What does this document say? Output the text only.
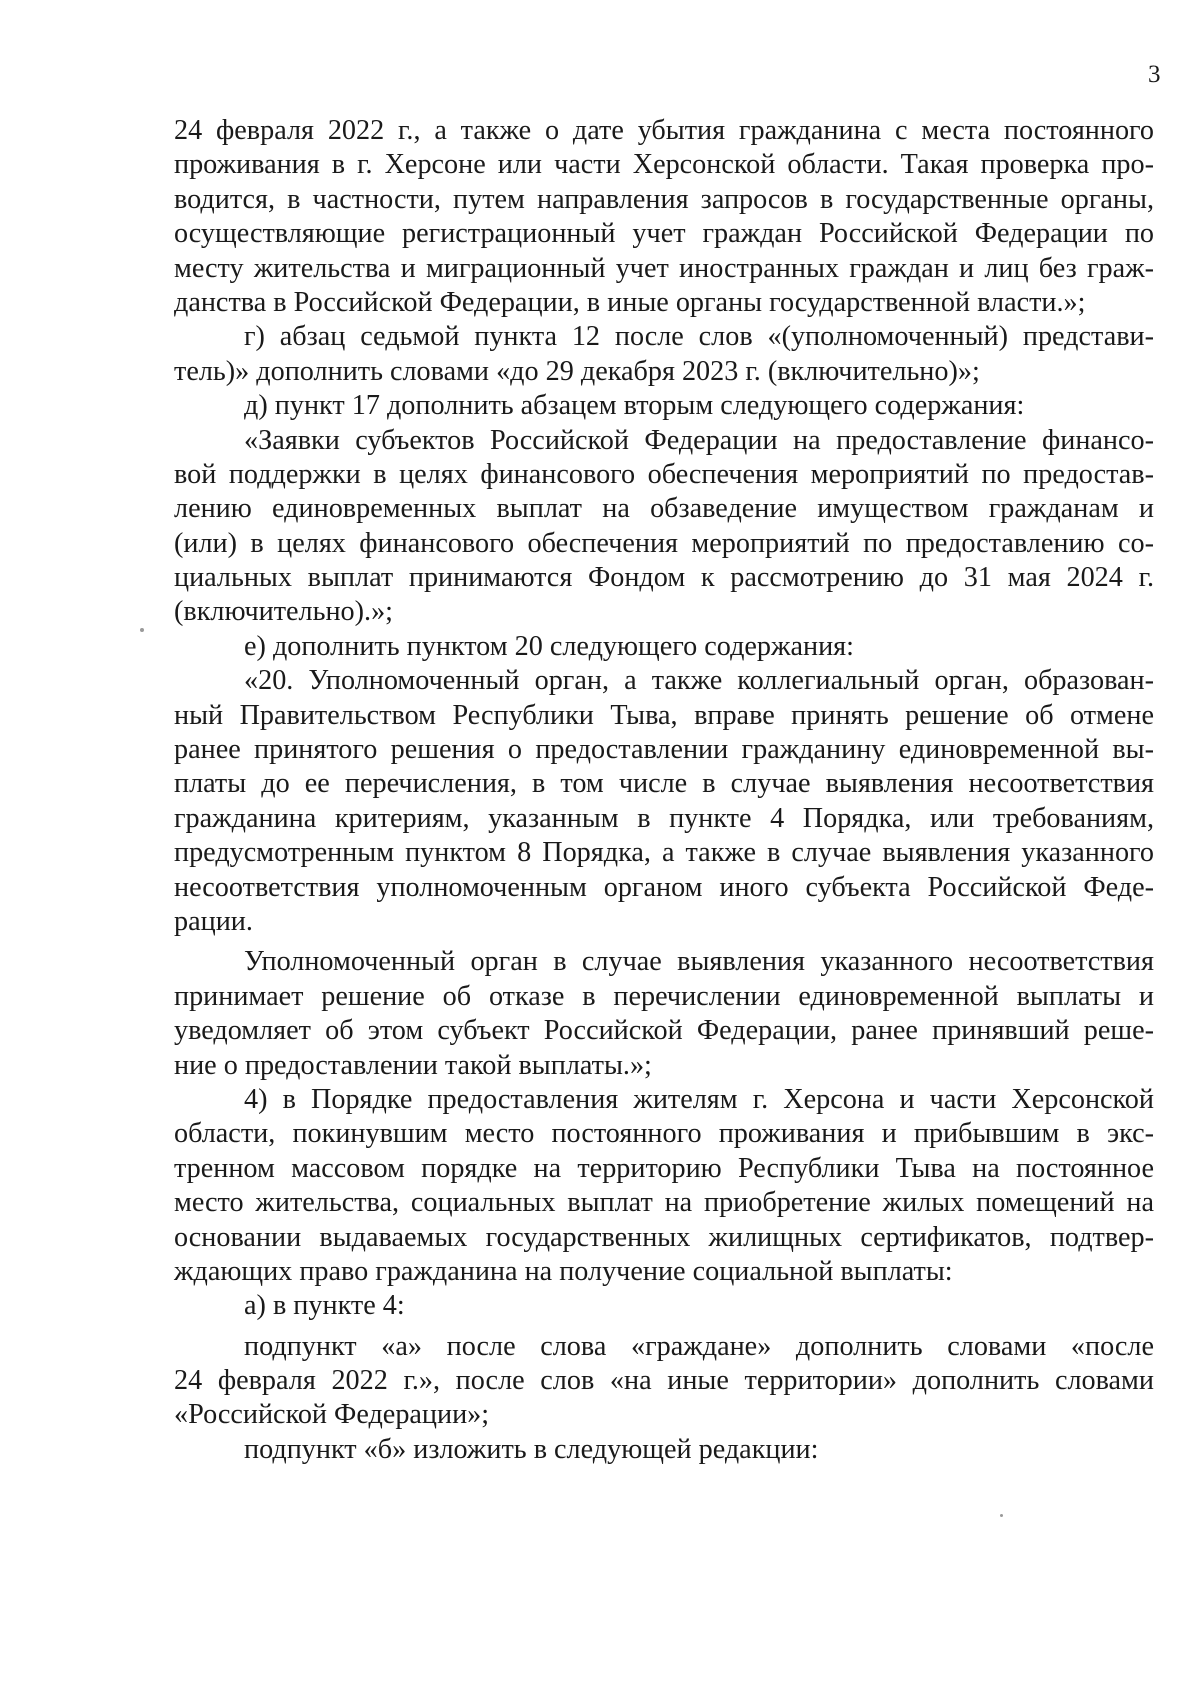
3
24 февраля 2022 г., а также о дате убытия гражданина с места постоянного
проживания в г. Херсоне или части Херсонской области. Такая проверка про-
водится, в частности, путем направления запросов в государственные органы,
осуществляющие регистрационный учет граждан Российской Федерации по
месту жительства и миграционный учет иностранных граждан и лиц без граж-
данства в Российской Федерации, в иные органы государственной власти.»;
г) абзац седьмой пункта 12 после слов «(уполномоченный) представи-
тель)» дополнить словами «до 29 декабря 2023 г. (включительно)»;
д) пункт 17 дополнить абзацем вторым следующего содержания:
«Заявки субъектов Российской Федерации на предоставление финансо-
вой поддержки в целях финансового обеспечения мероприятий по предостав-
лению единовременных выплат на обзаведение имуществом гражданам и
(или) в целях финансового обеспечения мероприятий по предоставлению со-
циальных выплат принимаются Фондом к рассмотрению до 31 мая 2024 г.
(включительно).»;
е) дополнить пунктом 20 следующего содержания:
«20. Уполномоченный орган, а также коллегиальный орган, образован-
ный Правительством Республики Тыва, вправе принять решение об отмене
ранее принятого решения о предоставлении гражданину единовременной вы-
платы до ее перечисления, в том числе в случае выявления несоответствия
гражданина критериям, указанным в пункте 4 Порядка, или требованиям,
предусмотренным пунктом 8 Порядка, а также в случае выявления указанного
несоответствия уполномоченным органом иного субъекта Российской Феде-
рации.
Уполномоченный орган в случае выявления указанного несоответствия
принимает решение об отказе в перечислении единовременной выплаты и
уведомляет об этом субъект Российской Федерации, ранее принявший реше-
ние о предоставлении такой выплаты.»;
4) в Порядке предоставления жителям г. Херсона и части Херсонской
области, покинувшим место постоянного проживания и прибывшим в экс-
тренном массовом порядке на территорию Республики Тыва на постоянное
место жительства, социальных выплат на приобретение жилых помещений на
основании выдаваемых государственных жилищных сертификатов, подтвер-
ждающих право гражданина на получение социальной выплаты:
а) в пункте 4:
подпункт «а» после слова «граждане» дополнить словами «после
24 февраля 2022 г.», после слов «на иные территории» дополнить словами
«Российской Федерации»;
подпункт «б» изложить в следующей редакции:
